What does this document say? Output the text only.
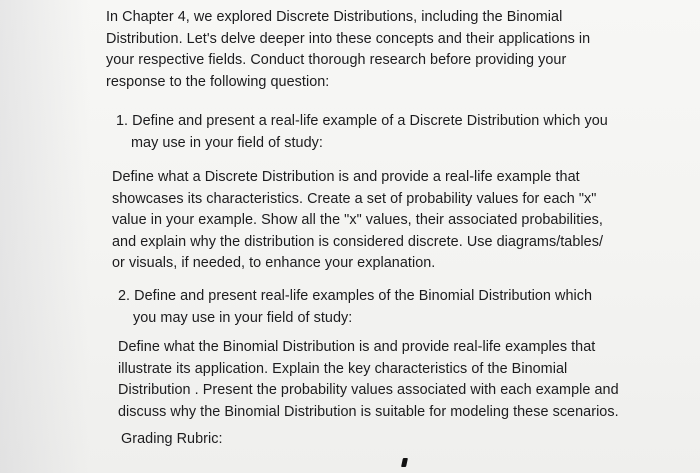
In Chapter 4, we explored Discrete Distributions, including the Binomial
Distribution. Let's delve deeper into these concepts and their applications in
your respective fields. Conduct thorough research before providing your
response to the following question:

1. Define and present a real-life example of a Discrete Distribution which you
may use in your field of study:

Define what a Discrete Distribution is and provide a real-life example that
showcases its characteristics. Create a set of probability values for each "x"
value in your example. Show all the "x" values, their associated probabilities,
and explain why the distribution is considered discrete. Use diagrams/tables/
or visuals, if needed, to enhance your explanation.

2. Define and present real-life examples of the Binomial Distribution which
you may use in your field of study:

Define what the Binomial Distribution is and provide real-life examples that
illustrate its application. Explain the key characteristics of the Binomial
Distribution . Present the probability values associated with each example and
discuss why the Binomial Distribution is suitable for modeling these scenarios.

Grading Rubric:
